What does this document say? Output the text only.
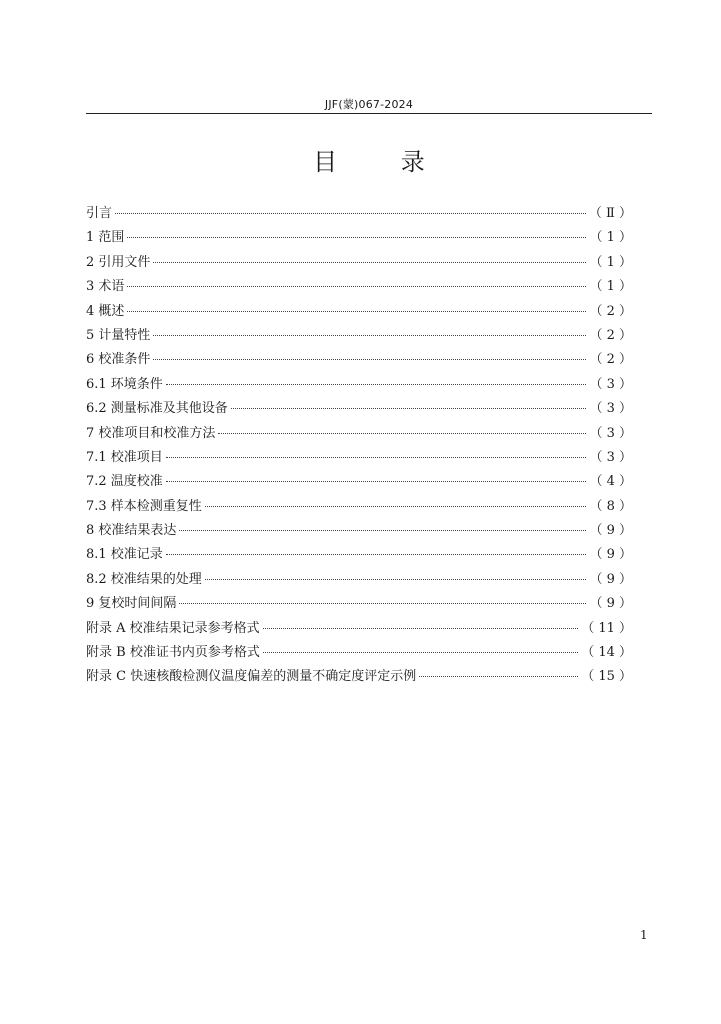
JJF(蒙)067-2024
目 录
引言	（ Ⅱ ）
1 范围	（ 1 ）
2 引用文件	（ 1 ）
3 术语	（ 1 ）
4 概述	（ 2 ）
5 计量特性	（ 2 ）
6 校准条件	（ 2 ）
6.1 环境条件	（ 3 ）
6.2 测量标准及其他设备	（ 3 ）
7 校准项目和校准方法	（ 3 ）
7.1 校准项目	（ 3 ）
7.2 温度校准	（ 4 ）
7.3 样本检测重复性	（ 8 ）
8 校准结果表达	（ 9 ）
8.1 校准记录	（ 9 ）
8.2 校准结果的处理	（ 9 ）
9 复校时间间隔	（ 9 ）
附录 A 校准结果记录参考格式	（ 11 ）
附录 B 校准证书内页参考格式	（ 14 ）
附录 C 快速核酸检测仪温度偏差的测量不确定度评定示例	（ 15 ）
1
